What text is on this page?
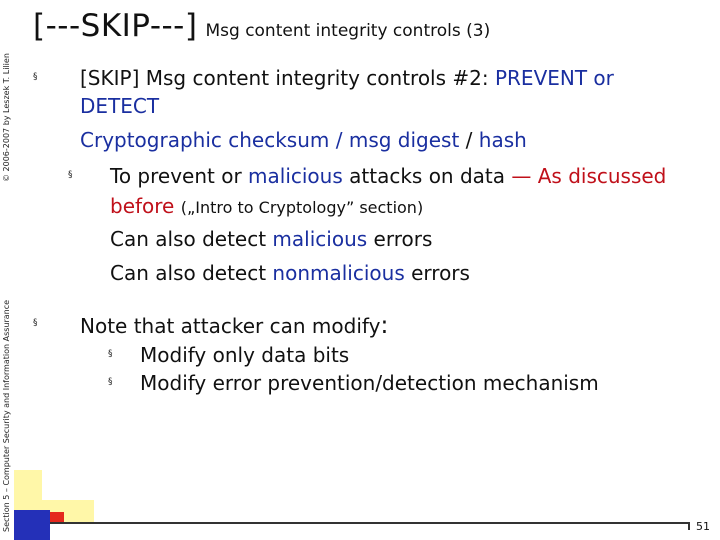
© 2006-2007 by Leszek T. Lilien
Section 5 – Computer Security and Information Assurance
[---SKIP---] Msg content integrity controls (3)
§ [SKIP] Msg content integrity controls #2: PREVENT or
DETECT
Cryptographic checksum / msg digest / hash
§ To prevent or malicious attacks on data — As discussed
before („Intro to Cryptology” section)
Can also detect malicious errors
Can also detect nonmalicious errors
§ Note that attacker can modify:
§ Modify only data bits
§ Modify error prevention/detection mechanism
51
